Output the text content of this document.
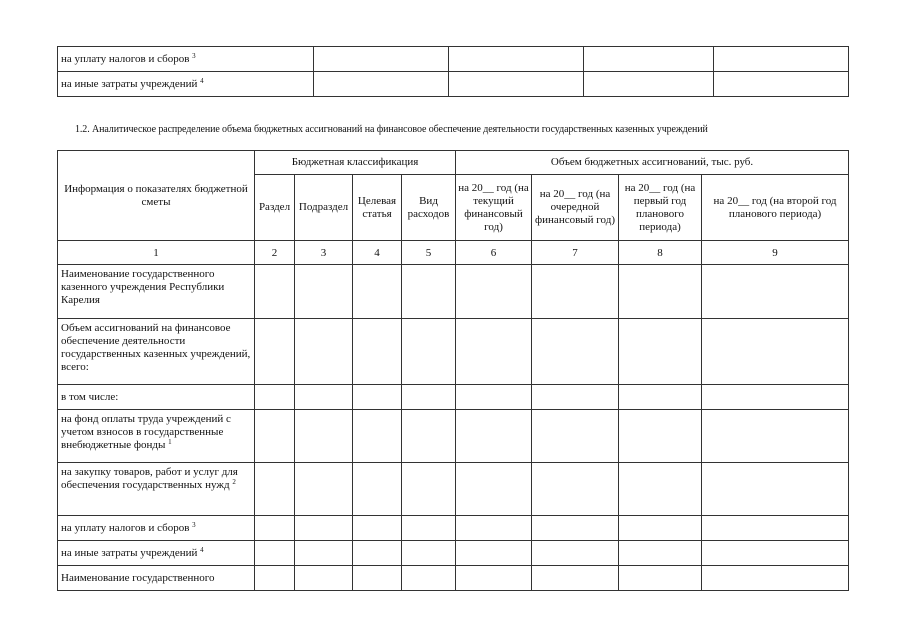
на уплату налогов и сборов $^3$				
на иные затраты учреждений $^4$				
1.2. Аналитическое распределение объема бюджетных ассигнований на финансовое обеспечение деятельности государственных казенных учреждений
Информация о показателях бюджетной сметы	Бюджетная классификация				Объем бюджетных ассигнований, тыс. руб.			
	Раздел	Подраздел	Целевая статья	Вид расходов	на 20__ год (на текущий финансовый год)	на 20__ год (на очередной финансовый год)	на 20__ год (на первый год планового периода)	на 20__ год (на второй год планового периода)
1	2	3	4	5	6	7	8	9
Наименование государственного казенного учреждения Республики Карелия								
Объем ассигнований на финансовое обеспечение деятельности государственных казенных учреждений, всего:								
в том числе:								
на фонд оплаты труда учреждений с учетом взносов в государственные внебюджетные фонды $^1$								
на закупку товаров, работ и услуг для обеспечения государственных нужд $^2$								
на уплату налогов и сборов $^3$								
на иные затраты учреждений $^4$								
Наименование государственного								
